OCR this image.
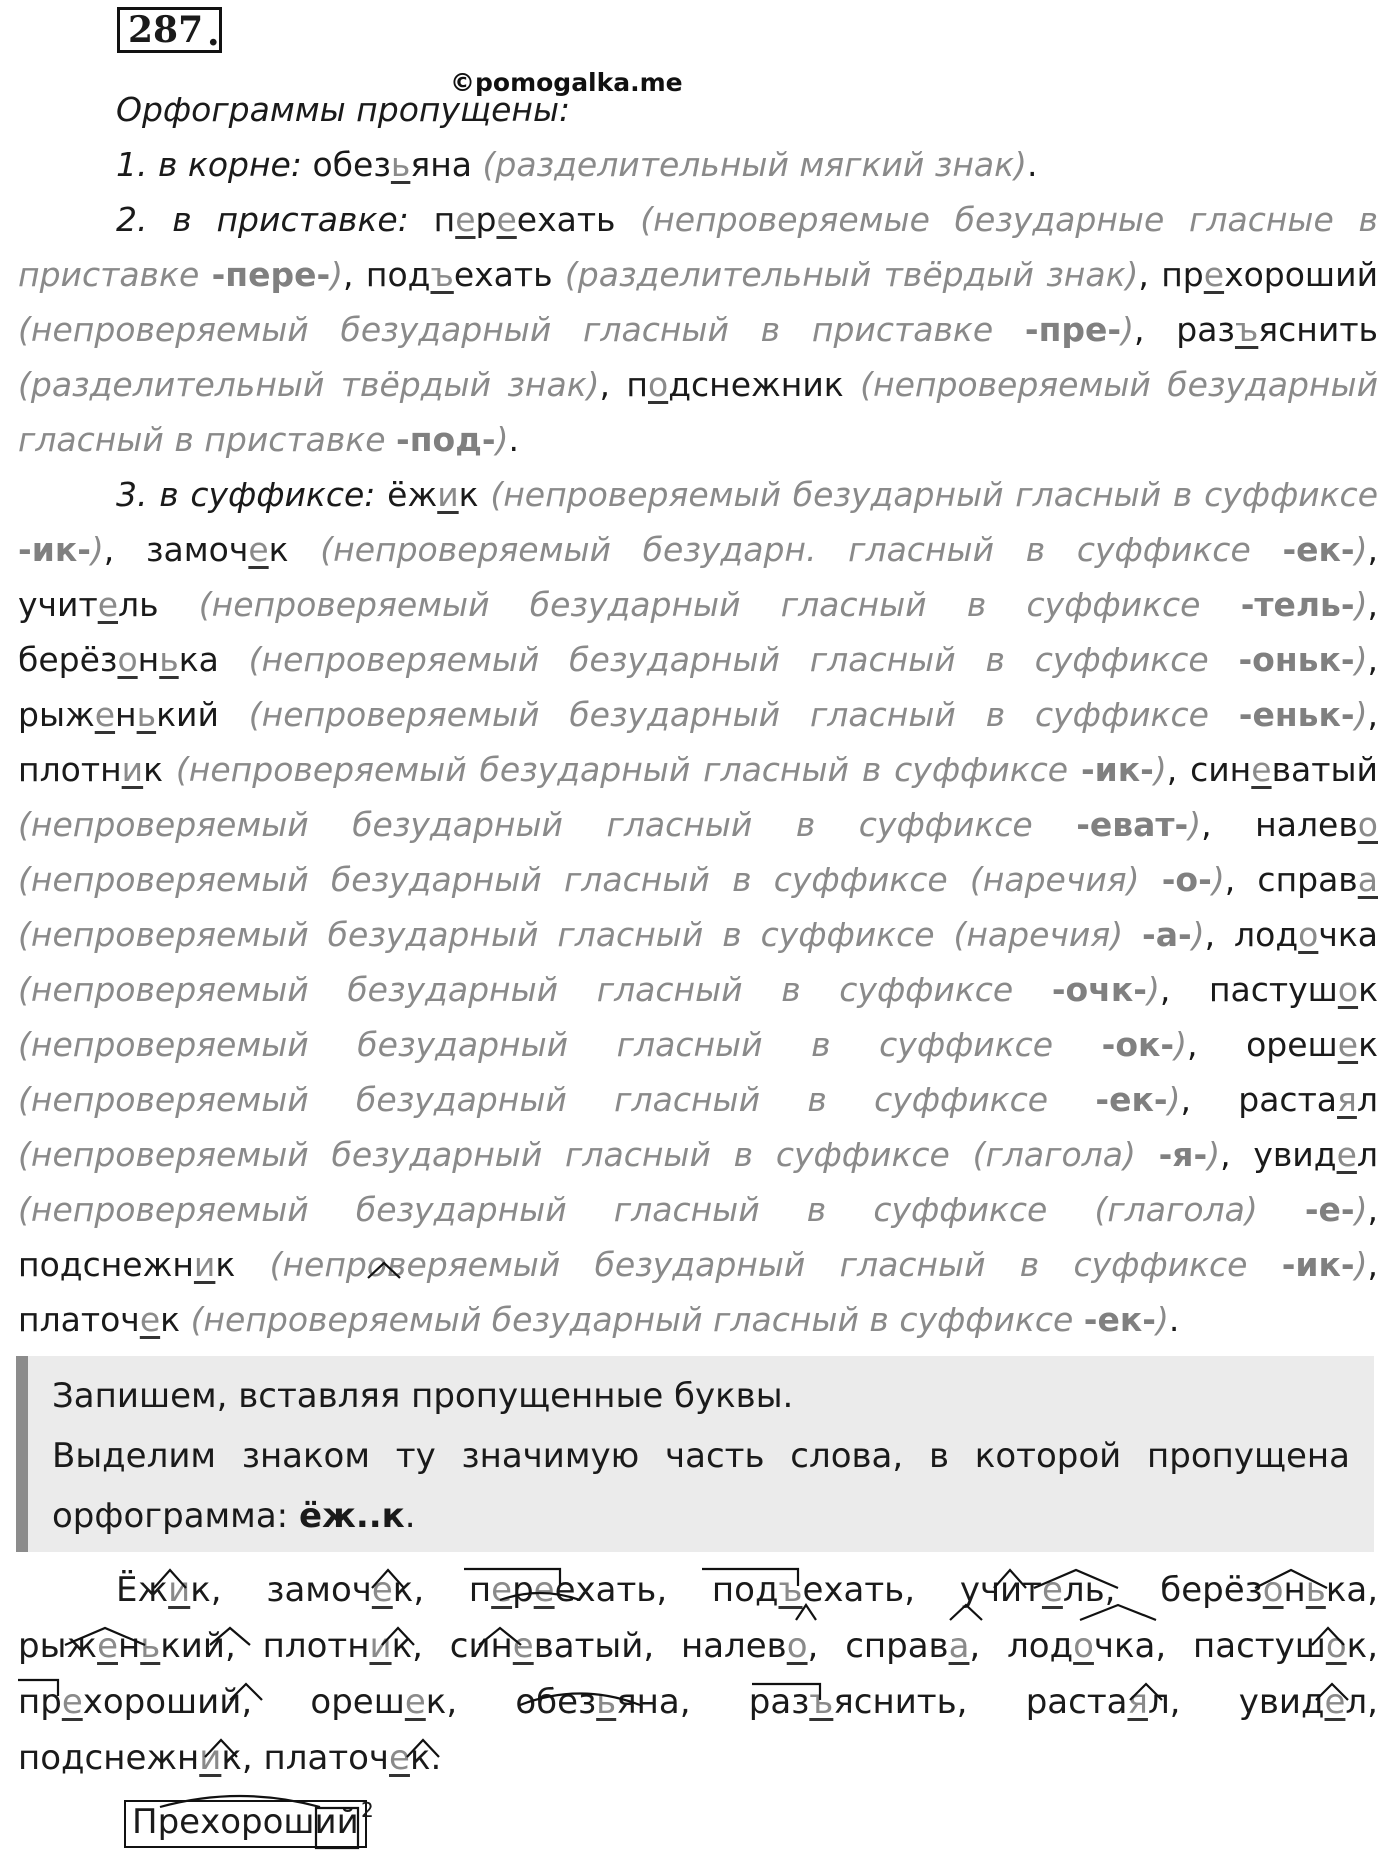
287 .
©pomogalka.me

Орфограммы пропущены:

1. в корне: обезьяна (разделительный мягкий знак).

2. в приставке: переехать (непроверяемые безударные гласные в приставке -пере-), подъехать (разделительный твёрдый знак), прехороший (непроверяемый безударный гласный в приставке -пре-), разъяснить (разделительный твёрдый знак), подснежник (непроверяемый безударный гласный в приставке -под-).

3. в суффиксе: ёжик (непроверяемый безударный гласный в суффиксе -ик-), замочек (непроверяемый безударн. гласный в суффиксе -ек-), учитель (непроверяемый безударный гласный в суффиксе -тель-), берёзонька (непроверяемый безударный гласный в суффиксе -оньк-), рыженький (непроверяемый безударный гласный в суффиксе -еньк-), плотник (непроверяемый безударный гласный в суффиксе -ик-), синеватый (непроверяемый безударный гласный в суффиксе -еват-), налево (непроверяемый безударный гласный в суффиксе (наречия) -о-), справа (непроверяемый безударный гласный в суффиксе (наречия) -а-), лодочка (непроверяемый безударный гласный в суффиксе -очк-), пастушок (непроверяемый безударный гласный в суффиксе -ок-), орешек (непроверяемый безударный гласный в суффиксе -ек-), растаял (непроверяемый безударный гласный в суффиксе (глагола) -я-), увидел (непроверяемый безударный гласный в суффиксе (глагола) -е-), подснежник (непроверяемый безударный гласный в суффиксе -ик-), платочек (непроверяемый безударный гласный в суффиксе -ек-).

Запишем, вставляя пропущенные буквы.

Выделим знаком ту значимую часть слова, в которой пропущена орфограмма: ёж..к.

Ёжик, замочек, переехать, подъехать, учитель, берёзонька, рыженький, плотник, синеватый, налево, справа, лодочка, пастушок, прехороший, орешек, обезьяна, разъяснить, растаял, увидел, подснежник, платочек.

Прехороший 2
